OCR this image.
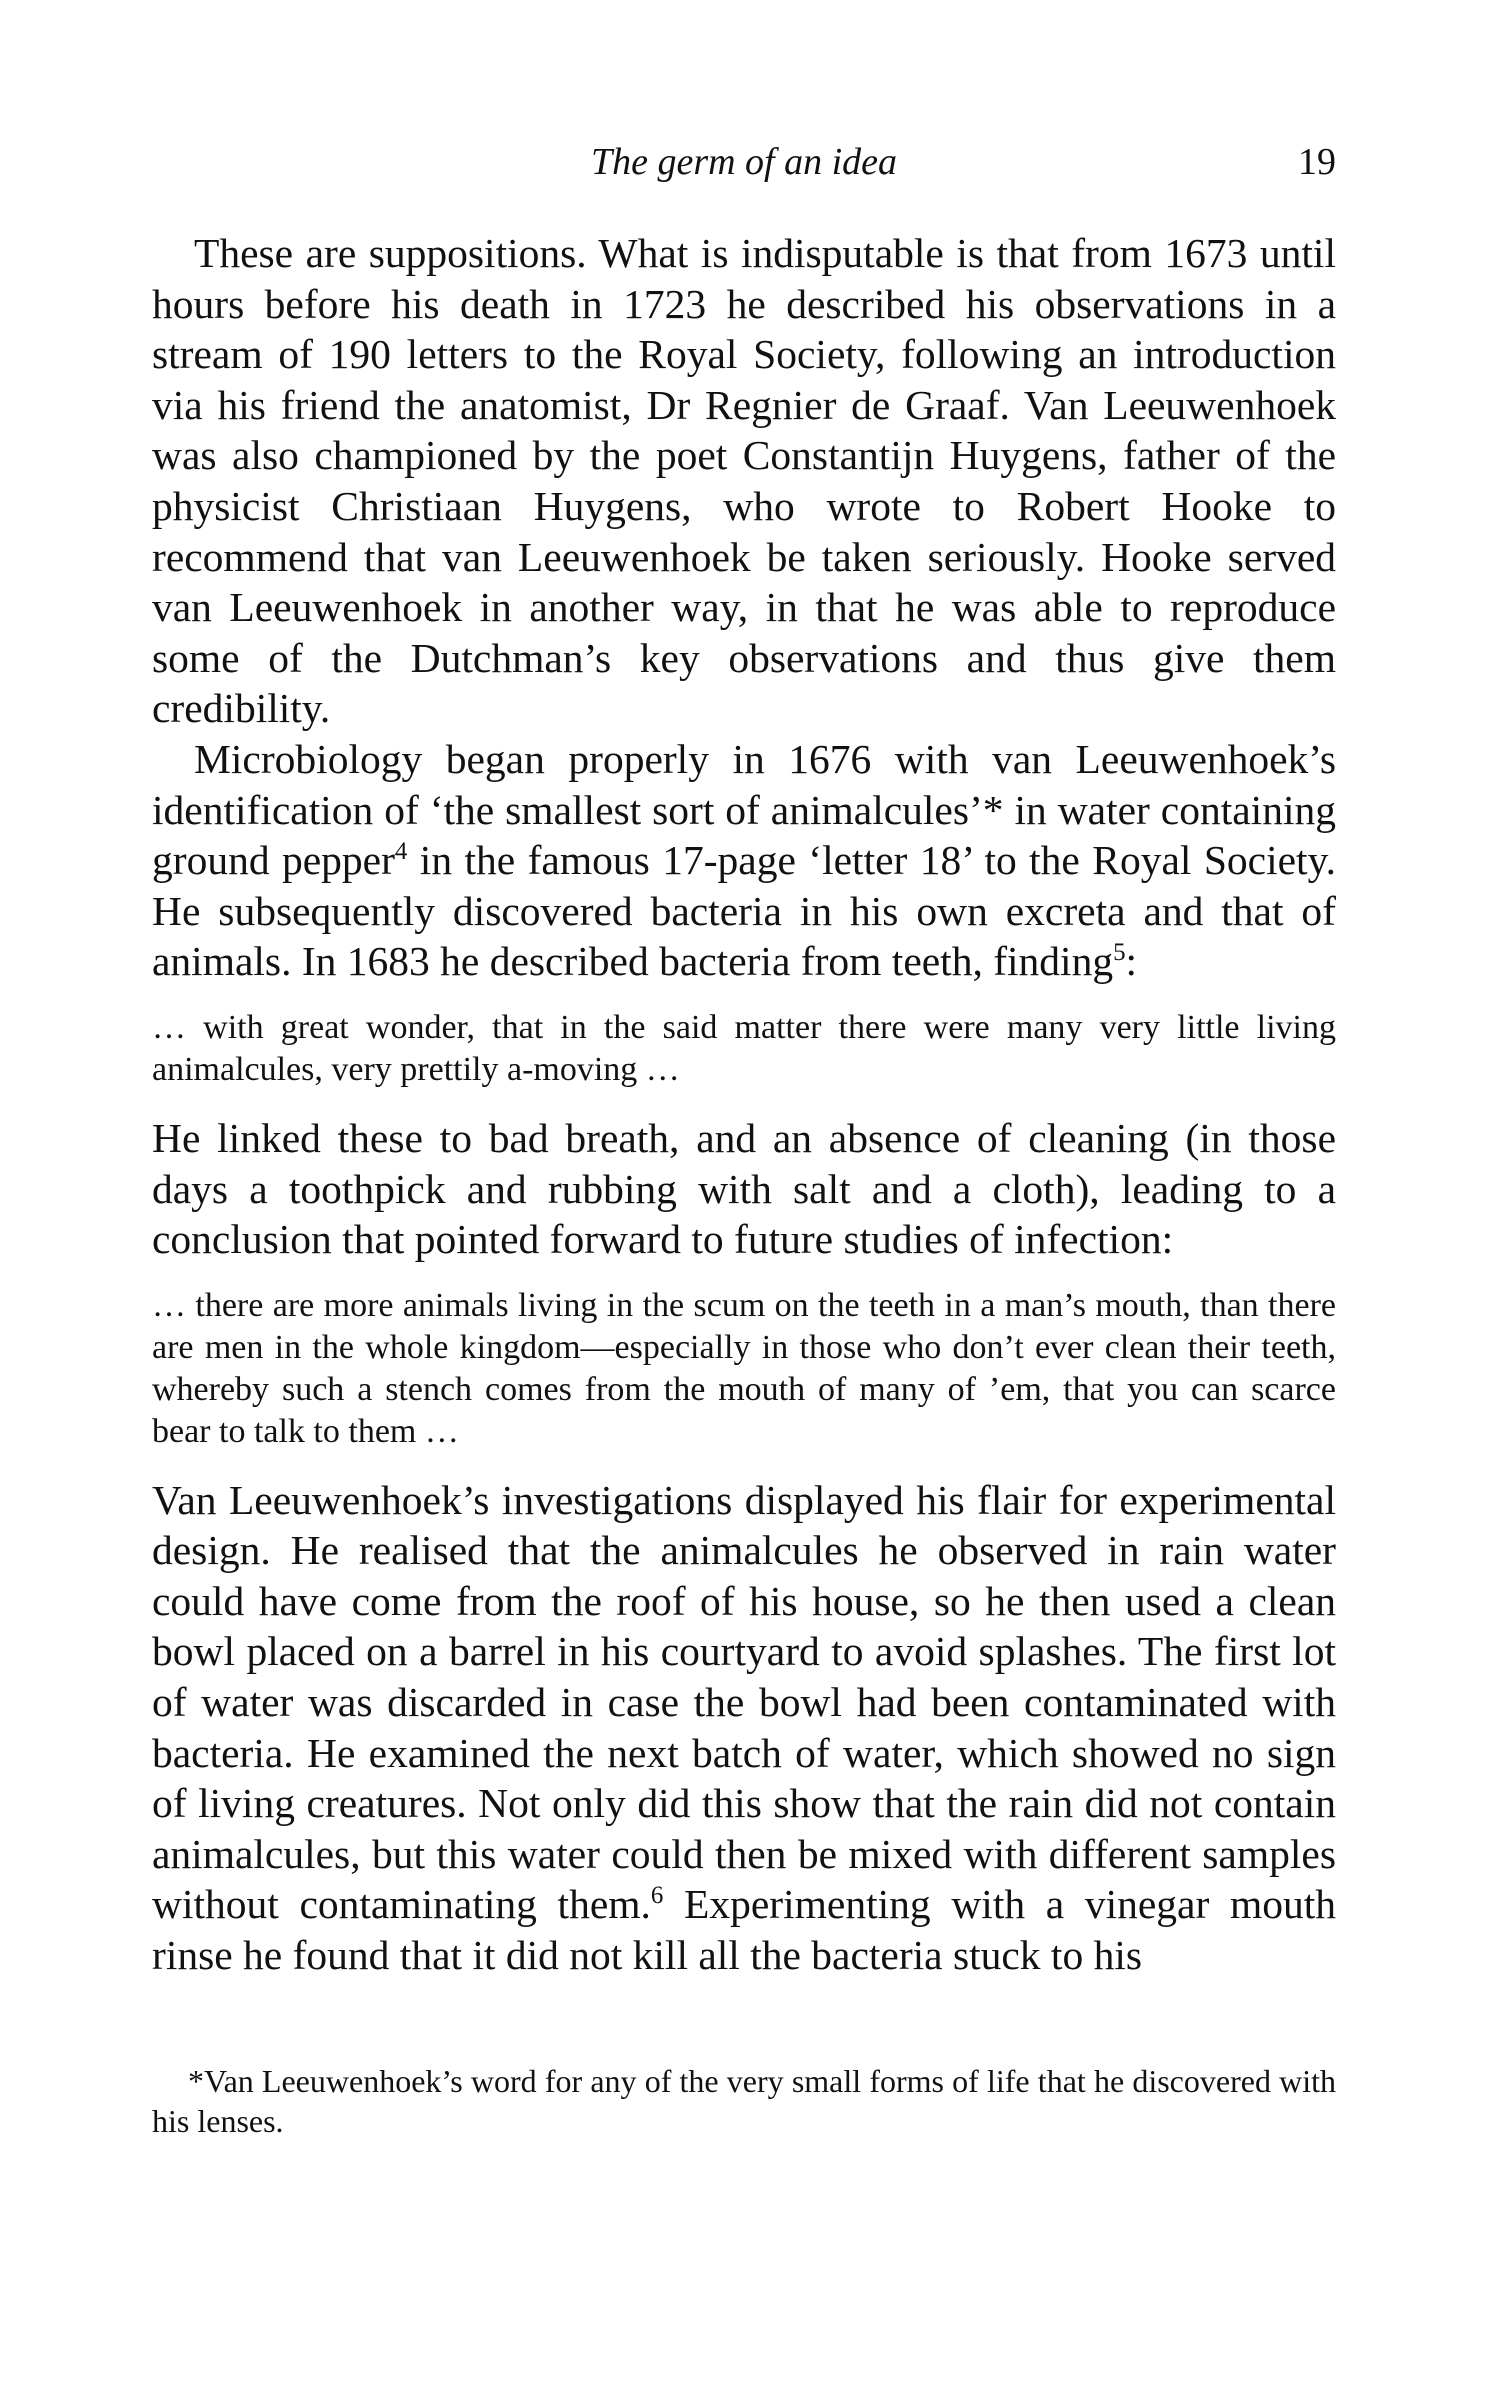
The germ of an idea	19

These are suppositions. What is indisputable is that from 1673 until hours before his death in 1723 he described his observations in a stream of 190 letters to the Royal Society, following an introduction via his friend the anatomist, Dr Regnier de Graaf. Van Leeuwenhoek was also championed by the poet Constantijn Huygens, father of the physicist Christiaan Huygens, who wrote to Robert Hooke to recommend that van Leeuwenhoek be taken seriously. Hooke served van Leeuwenhoek in another way, in that he was able to reproduce some of the Dutchman’s key observations and thus give them credibility.

Microbiology began properly in 1676 with van Leeuwenhoek’s identification of ‘the smallest sort of animalcules’* in water containing ground pepper$^4$ in the famous 17-page ‘letter 18’ to the Royal Society. He subsequently discovered bacteria in his own excreta and that of animals. In 1683 he described bacteria from teeth, finding$^5$:

… with great wonder, that in the said matter there were many very little living animalcules, very prettily a-moving …

He linked these to bad breath, and an absence of cleaning (in those days a toothpick and rubbing with salt and a cloth), leading to a conclusion that pointed forward to future studies of infection:

… there are more animals living in the scum on the teeth in a man’s mouth, than there are men in the whole kingdom—especially in those who don’t ever clean their teeth, whereby such a stench comes from the mouth of many of ’em, that you can scarce bear to talk to them …

Van Leeuwenhoek’s investigations displayed his flair for experimental design. He realised that the animalcules he observed in rain water could have come from the roof of his house, so he then used a clean bowl placed on a barrel in his courtyard to avoid splashes. The first lot of water was discarded in case the bowl had been contaminated with bacteria. He examined the next batch of water, which showed no sign of living creatures. Not only did this show that the rain did not contain animalcules, but this water could then be mixed with different samples without contaminating them.$^6$ Experimenting with a vinegar mouth rinse he found that it did not kill all the bacteria stuck to his

*Van Leeuwenhoek’s word for any of the very small forms of life that he discovered with his lenses.
